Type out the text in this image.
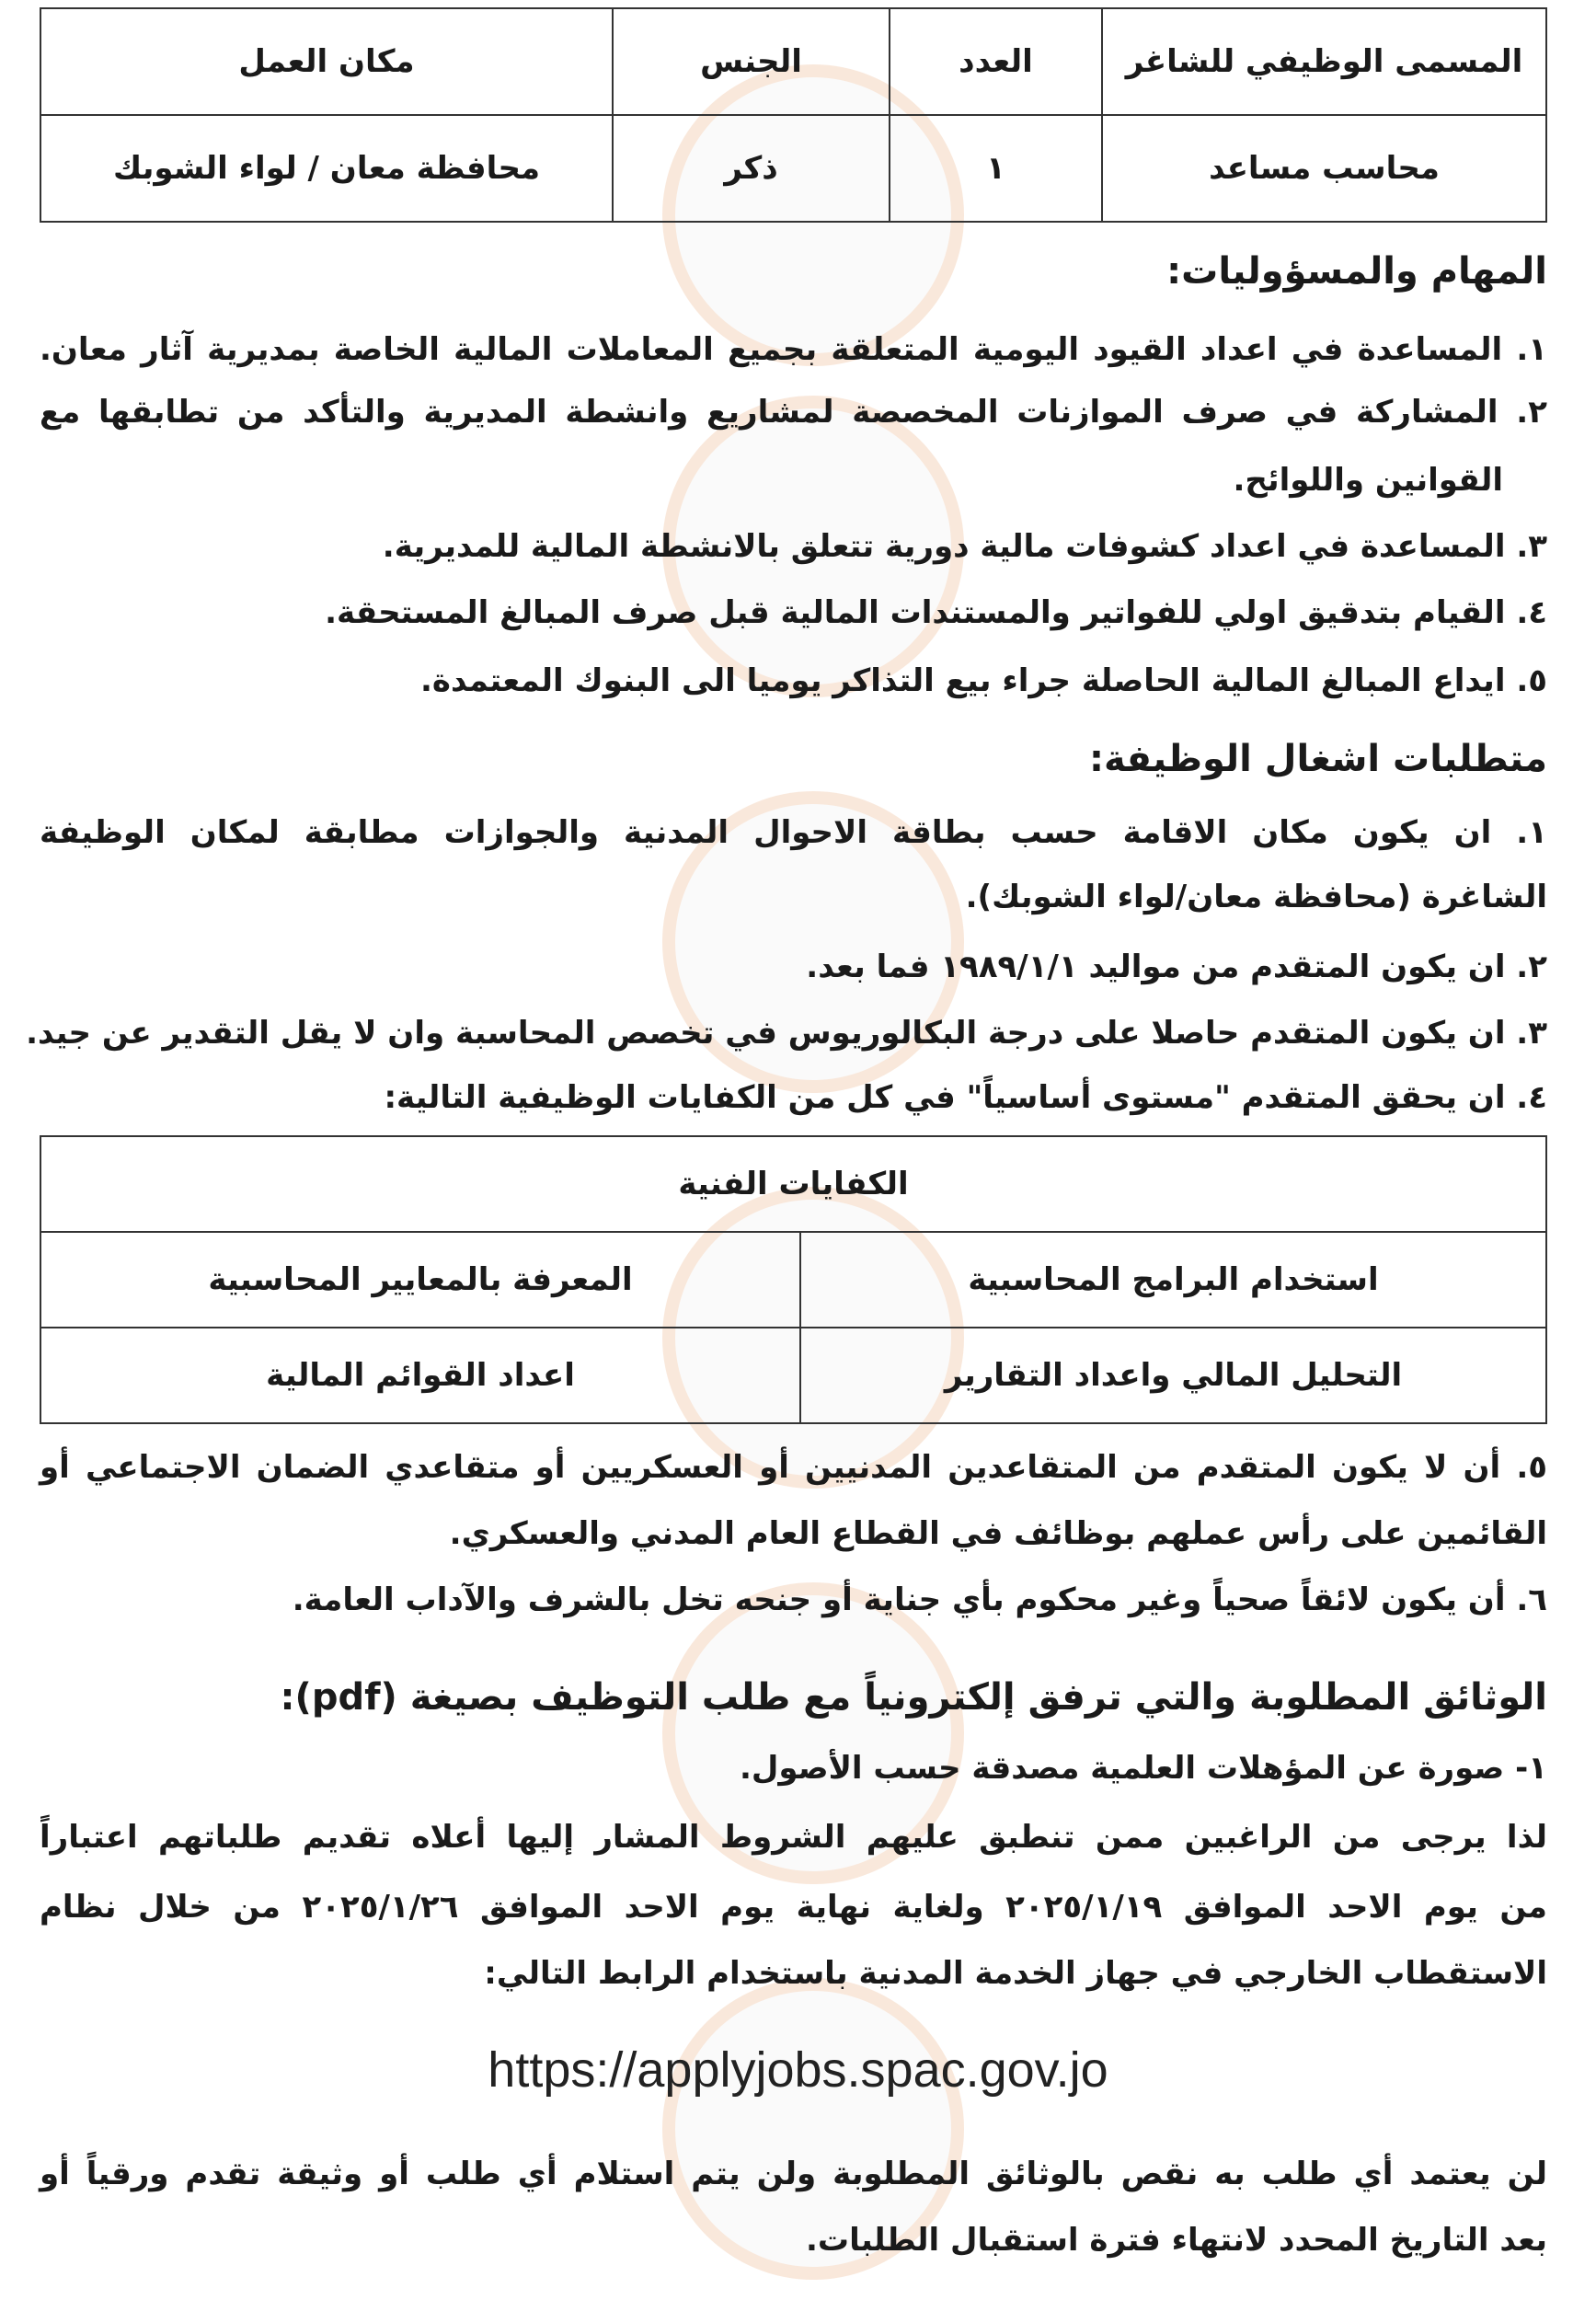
المسمى الوظيفي للشاغر	العدد	الجنس	مكان العمل
محاسب مساعد	١	ذكر	محافظة معان / لواء الشوبك
المهام والمسؤوليات:
١. المساعدة في اعداد القيود اليومية المتعلقة بجميع المعاملات المالية الخاصة بمديرية آثار معان.
٢. المشاركة في صرف الموازنات المخصصة لمشاريع وانشطة المديرية والتأكد من تطابقها مع
القوانين واللوائح.
٣. المساعدة في اعداد كشوفات مالية دورية تتعلق بالانشطة المالية للمديرية.
٤. القيام بتدقيق اولي للفواتير والمستندات المالية قبل صرف المبالغ المستحقة.
٥. ايداع المبالغ المالية الحاصلة جراء بيع التذاكر يوميا الى البنوك المعتمدة.
متطلبات اشغال الوظيفة:
١. ان يكون مكان الاقامة حسب بطاقة الاحوال المدنية والجوازات مطابقة لمكان الوظيفة
الشاغرة (محافظة معان/لواء الشوبك).
٢. ان يكون المتقدم من مواليد ١٩٨٩/١/١ فما بعد.
٣. ان يكون المتقدم حاصلا على درجة البكالوريوس في تخصص المحاسبة وان لا يقل التقدير عن جيد.
٤. ان يحقق المتقدم "مستوى أساسياً" في كل من الكفايات الوظيفية التالية:
الكفايات الفنية	
استخدام البرامج المحاسبية	المعرفة بالمعايير المحاسبية
التحليل المالي واعداد التقارير	اعداد القوائم المالية
٥. أن لا يكون المتقدم من المتقاعدين المدنيين أو العسكريين أو متقاعدي الضمان الاجتماعي أو
القائمين على رأس عملهم بوظائف في القطاع العام المدني والعسكري.
٦. أن يكون لائقاً صحياً وغير محكوم بأي جناية أو جنحه تخل بالشرف والآداب العامة.
الوثائق المطلوبة والتي ترفق إلكترونياً مع طلب التوظيف بصيغة (pdf):
١- صورة عن المؤهلات العلمية مصدقة حسب الأصول.
لذا يرجى من الراغبين ممن تنطبق عليهم الشروط المشار إليها أعلاه تقديم طلباتهم اعتباراً
من يوم الاحد الموافق ٢٠٢٥/١/١٩ ولغاية نهاية يوم الاحد الموافق ٢٠٢٥/١/٢٦ من خلال نظام
الاستقطاب الخارجي في جهاز الخدمة المدنية باستخدام الرابط التالي:
https://applyjobs.spac.gov.jo
لن يعتمد أي طلب به نقص بالوثائق المطلوبة ولن يتم استلام أي طلب أو وثيقة تقدم ورقياً أو
بعد التاريخ المحدد لانتهاء فترة استقبال الطلبات.
